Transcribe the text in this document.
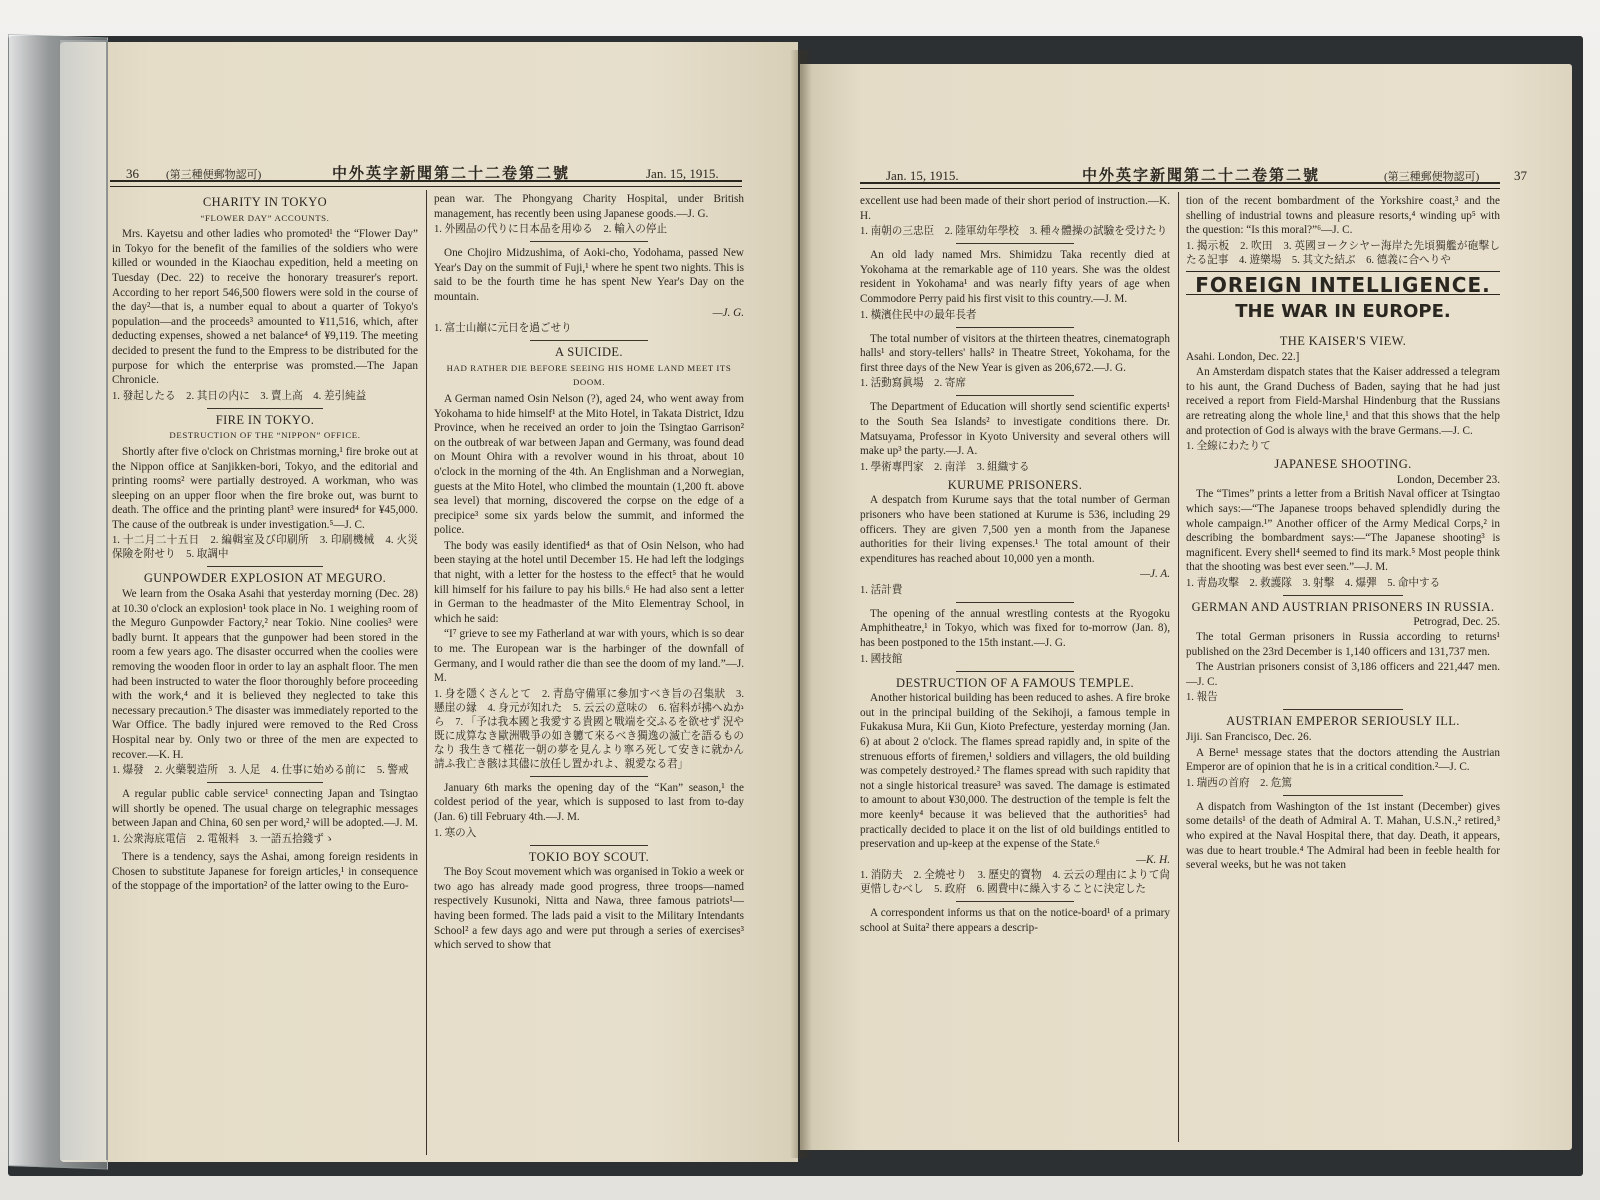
36	(第三種便郵物認可)	中外英字新聞第二十二卷第二號	Jan. 15, 1915.
CHARITY IN TOKYO
“FLOWER DAY” ACCOUNTS.

Mrs. Kayetsu and other ladies who promoted¹ the “Flower Day” in Tokyo for the benefit of the families of the soldiers who were killed or wounded in the Kiaochau expedition, held a meeting on Tuesday (Dec. 22) to receive the honorary treasurer's report. According to her report 546,500 flowers were sold in the course of the day²—that is, a number equal to about a quarter of Tokyo's population—and the proceeds³ amounted to ¥11,516, which, after deducting expenses, showed a net balance⁴ of ¥9,119. The meeting decided to present the fund to the Empress to be distributed for the purpose for which the enterprise was promsted.—The Japan Chronicle.

1. 發起したる　2. 其日の内に　3. 賣上高　4. 差引純益

FIRE IN TOKYO.
DESTRUCTION OF THE “NIPPON” OFFICE.

Shortly after five o'clock on Christmas morning,¹ fire broke out at the Nippon office at Sanjikken-bori, Tokyo, and the editorial and printing rooms² were partially destroyed. A workman, who was sleeping on an upper floor when the fire broke out, was burnt to death. The office and the printing plant³ were insured⁴ for ¥45,000. The cause of the outbreak is under investigation.⁵—J. C.

1. 十二月二十五日　2. 編輯室及び印刷所　3. 印刷機械　4. 火災保險を附せり　5. 取調中

GUNPOWDER EXPLOSION AT MEGURO.

We learn from the Osaka Asahi that yesterday morning (Dec. 28) at 10.30 o'clock an explosion¹ took place in No. 1 weighing room of the Meguro Gunpowder Factory,² near Tokio. Nine coolies³ were badly burnt. It appears that the gunpower had been stored in the room a few years ago. The disaster occurred when the coolies were removing the wooden floor in order to lay an asphalt floor. The men had been instructed to water the floor thoroughly before proceeding with the work,⁴ and it is believed they neglected to take this necessary precaution.⁵ The disaster was immediately reported to the War Office. The badly injured were removed to the Red Cross Hospital near by. Only two or three of the men are expected to recover.—K. H.

1. 爆發　2. 火藥製造所　3. 人足　4. 仕事に始める前に　5. 警戒

A regular public cable service¹ connecting Japan and Tsingtao will shortly be opened. The usual charge on telegraphic messages between Japan and China, 60 sen per word,² will be adopted.—J. M.

1. 公衆海底電信　2. 電報料　3. 一語五拾錢ずゝ

There is a tendency, says the Ashai, among foreign residents in Chosen to substitute Japanese for foreign articles,¹ in consequence of the stoppage of the importation² of the latter owing to the Euro-

pean war. The Phongyang Charity Hospital, under British management, has recently been using Japanese goods.—J. G.

1. 外國品の代りに日本品を用ゆる　2. 輸入の停止

One Chojiro Midzushima, of Aoki-cho, Yodohama, passed New Year's Day on the summit of Fuji,¹ where he spent two nights. This is said to be the fourth time he has spent New Year's Day on the mountain.

—J. G.

1. 富士山巓に元日を過ごせり

A SUICIDE.
HAD RATHER DIE BEFORE SEEING HIS HOME LAND MEET ITS DOOM.

A German named Osin Nelson (?), aged 24, who went away from Yokohama to hide himself¹ at the Mito Hotel, in Takata District, Idzu Province, when he received an order to join the Tsingtao Garrison² on the outbreak of war between Japan and Germany, was found dead on Mount Ohira with a revolver wound in his throat, about 10 o'clock in the morning of the 4th. An Englishman and a Norwegian, guests at the Mito Hotel, who climbed the mountain (1,200 ft. above sea level) that morning, discovered the corpse on the edge of a precipice³ some six yards below the summit, and informed the police.

The body was easily identified⁴ as that of Osin Nelson, who had been staying at the hotel until December 15. He had left the lodgings that night, with a letter for the hostess to the effect⁵ that he would kill himself for his failure to pay his bills.⁶ He had also sent a letter in German to the headmaster of the Mito Elementray School, in which he said:

“I⁷ grieve to see my Fatherland at war with yours, which is so dear to me. The European war is the harbinger of the downfall of Germany, and I would rather die than see the doom of my land.”—J. M.

1. 身を隱くさんとて　2. 青島守備軍に參加すべき旨の召集狀　3. 懸崖の縁　4. 身元が知れた　5. 云云の意味の　6. 宿料が拂へぬから　7. 「予は我本國と我愛する貴國と戰端を交ふるを欲せず 況や既に成算なき歐洲戰爭の如き軈て來るべき獨逸の滅亡を語るものなり 我生きて槿花一朝の夢を見んより寧ろ死して安きに就かん 請ふ我亡き骸は其儘に放任し置かれよ、親愛なる君」

January 6th marks the opening day of the “Kan” season,¹ the coldest period of the year, which is supposed to last from to-day (Jan. 6) till February 4th.—J. M.

1. 寒の入

TOKIO BOY SCOUT.

The Boy Scout movement which was organised in Tokio a week or two ago has already made good progress, three troops—named respectively Kusunoki, Nitta and Nawa, three famous patriots¹—having been formed. The lads paid a visit to the Military Intendants School² a few days ago and were put through a series of exercises³ which served to show that

Jan. 15, 1915.	中外英字新聞第二十二卷第二號	(第三種郵便物認可)	37

excellent use had been made of their short period of instruction.—K. H.

1. 南朝の三忠臣　2. 陸軍幼年學校　3. 種々體操の試驗を受けたり

An old lady named Mrs. Shimidzu Taka recently died at Yokohama at the remarkable age of 110 years. She was the oldest resident in Yokohama¹ and was nearly fifty years of age when Commodore Perry paid his first visit to this country.—J. M.

1. 橫濱住民中の最年長者

The total number of visitors at the thirteen theatres, cinematograph halls¹ and story-tellers' halls² in Theatre Street, Yokohama, for the first three days of the New Year is given as 206,672.—J. G.

1. 活動寫眞場　2. 寄席

The Department of Education will shortly send scientific experts¹ to the South Sea Islands² to investigate conditions there. Dr. Matsuyama, Professor in Kyoto University and several others will make up³ the party.—J. A.

1. 學術專門家　2. 南洋　3. 組織する

KURUME PRISONERS.

A despatch from Kurume says that the total number of German prisoners who have been stationed at Kurume is 536, including 29 officers. They are given 7,500 yen a month from the Japanese authorities for their living expenses.¹ The total amount of their expenditures has reached about 10,000 yen a month.

—J. A.

1. 活計費

The opening of the annual wrestling contests at the Ryogoku Amphitheatre,¹ in Tokyo, which was fixed for to-morrow (Jan. 8), has been postponed to the 15th instant.—J. G.

1. 國技館

DESTRUCTION OF A FAMOUS TEMPLE.

Another historical building has been reduced to ashes. A fire broke out in the principal building of the Sekihoji, a famous temple in Fukakusa Mura, Kii Gun, Kioto Prefecture, yesterday morning (Jan. 6) at about 2 o'clock. The flames spread rapidly and, in spite of the strenuous efforts of firemen,¹ soldiers and villagers, the old building was competely destroyed.² The flames spread with such rapidity that not a single historical treasure³ was saved. The damage is estimated to amount to about ¥30,000. The destruction of the temple is felt the more keenly⁴ because it was believed that the authorities⁵ had practically decided to place it on the list of old buildings entitled to preservation and up-keep at the expense of the State.⁶

—K. H.

1. 消防夫　2. 全燒せり　3. 歷史的寶物　4. 云云の理由によりて尙更惜しむべし　5. 政府　6. 國費中に繰入することに決定した

A correspondent informs us that on the notice-board¹ of a primary school at Suita² there appears a descrip-

tion of the recent bombardment of the Yorkshire coast,³ and the shelling of industrial towns and pleasure resorts,⁴ winding up⁵ with the question: “Is this moral?”⁶—J. C.

1. 揭示板　2. 吹田　3. 英國ヨークシヤー海岸た先頃獨艦が砲擊したる記事　4. 遊樂場　5. 其文た結ぶ　6. 德義に合へりや

FOREIGN INTELLIGENCE.
THE WAR IN EUROPE.
THE KAISER'S VIEW.

Asahi. London, Dec. 22.]

An Amsterdam dispatch states that the Kaiser addressed a telegram to his aunt, the Grand Duchess of Baden, saying that he had just received a report from Field-Marshal Hindenburg that the Russians are retreating along the whole line,¹ and that this shows that the help and protection of God is always with the brave Germans.—J. C.

1. 全線にわたりて

JAPANESE SHOOTING.

London, December 23.

The “Times” prints a letter from a British Naval officer at Tsingtao which says:—“The Japanese troops behaved splendidly during the whole campaign.¹” Another officer of the Army Medical Corps,² in describing the bombardment says:—“The Japanese shooting³ is magnificent. Every shell⁴ seemed to find its mark.⁵ Most people think that the shooting was best ever seen.”—J. M.

1. 靑島攻擊　2. 救護隊　3. 射擊　4. 爆彈　5. 命中する

GERMAN AND AUSTRIAN PRISONERS IN RUSSIA.

Petrograd, Dec. 25.

The total German prisoners in Russia according to returns¹ published on the 23rd December is 1,140 officers and 131,737 men.

The Austrian prisoners consist of 3,186 officers and 221,447 men.—J. C.

1. 報告

AUSTRIAN EMPEROR SERIOUSLY ILL.

Jiji. San Francisco, Dec. 26.

A Berne¹ message states that the doctors attending the Austrian Emperor are of opinion that he is in a critical condition.²—J. C.

1. 瑞西の首府　2. 危篤

A dispatch from Washington of the 1st instant (December) gives some details¹ of the death of Admiral A. T. Mahan, U.S.N.,² retired,³ who expired at the Naval Hospital there, that day. Death, it appears, was due to heart trouble.⁴ The Admiral had been in feeble health for several weeks, but he was not taken
